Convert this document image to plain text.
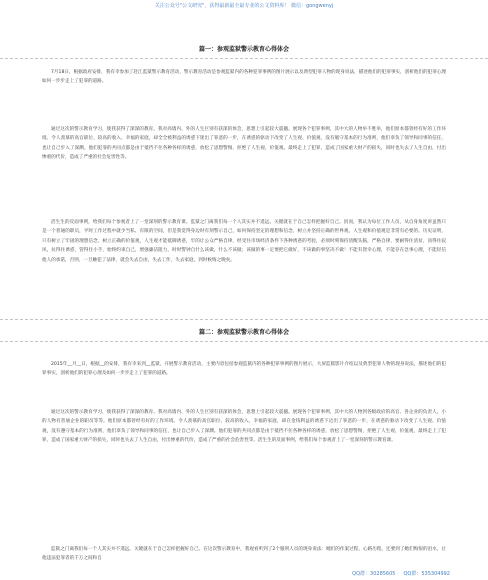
关注公众号"公文研究"，获得最新最全最专业的公文资料库！ 微信：gongwenyj
篇一：参观监狱警示教育心得体会

7月18日，根据政府安排，我有幸参加了赴江监狱警示教育活动，警示教育活动是参观监狱内的各种犯罪事例的图片展示以及典型犯罪人物的现身说法，描述他们的犯罪事实，剖析他们的犯罪心理如何一步步走上了犯罪的道路。

通过这次的警示教育学习，使我获得了深深的教育。我对高墙内、外的人生巨别有获深的体会，思想上引起较大震撼。展现各个犯罪事例，其中大的人物举不胜举，他们原本都曾经有好的工作环境、令人羡慕的高官职位、较高的收入、幸福的家庭，却全全被利益的诱惑下迷出了罪恶的一步，在诱惑的驱动下改变了人生观、价值观，没有履守基本的行为准则，他们辜负了领导和同事的信任，也让自己步入了深渊。他们犯罪的共同点都是由于抵挡不住各种各样的诱惑，放松了思想警惕，拒绝了人生观、价值观。最终走上了犯罪，造成了国家重大财产的损失，同时也失去了人生自由，付出惨重的代价，造成了严重的社会危害性等。

活生生的反面事例，给我们每个参观者上了一堂深刻的警示教育课。监狱之门离我们每一个人其实并不遥远。关键就在于自己怎样把握好自己。因而，我认为每位工作人员，从自身角度讲虽然只是一个普通的职员，平时工作过程中就少当私、有限的空间，但是我觉得身边时有刻警示自己，如何保持坚定的理想和信念，树立并坚持正确的世界观、人生观和价值观是非常有必要的。历史证明，只有树立了牢固的理想信念，树立正确的价值观，人生观才能抵御诱惑，牢的让公众严格自律，经受住市场经济条件下各种诱惑的考验，必须时刻保持清醒头脑，严格自律，要耐得住清贫，顶得住寂风，抗得住诱惑，管得住小手，始终约束自己，增强廉洁阻力，时时警钟自什么该做，什么不该做；该做的事一定要把它做好，不该做的事坚决不做！不能有侥幸心理，不能存在急事心理，不能轻信他人的承诺，否则，一旦触犯了法律，就会失去自由，失去工作，失去家庭，到时候悔之晚矣。

篇二：参观监狱警示教育心得体会

2015年__月__日，根据__的安排，我有幸来到__监狱，开展警示教育活动，主要内容包括参观监狱内的各种犯罪事例的图片展示，大屏监狱影片介绍以及典型犯罪人物的现身说法，描述他们的犯罪事实，剖析他们的犯罪心理及如何一步步走上了犯罪的道路。

通过这次的警示教育学习，使我获得了深深的教育。我对高墙内、外的人生巨别有获深的体会，思想上引起较大震撼。展现各个犯罪事例，其中大的人物到各级政府的高官、各企业的负责人，小的人物有普通企业的职员等等。他们原本都曾经有好的工作环境、令人羡慕的高官职位、较高的收入、幸福的家庭，却在金钱利益的诱惑下迈出了罪恶的一步，在诱惑的驱动下改变了人生观、价值观，没有遵守基本的行为准则，他们辜负了领导和同事的信任，也让自己步入了深渊。他们犯罪的共同点都是由于抵挡不住各种各样的诱惑，放松了思想警惕，拒绝了人生观、价值观，最终走上了犯罪，造成了国家重大财产的损失，同时也失去了人生自由，付出惨重的代价，造成了严重的社会危害性等。活生生的反面事例，给我们每个参观者上了一堂深刻的警示教育课。

监狱之门离我们每一个人其实并不遥远。关键就在于自己怎样把握好自己。在这次警示教育中，我观看听到了2个服刑人员的现身说法：她们的作案过程、心路历程、还要到了她们悔恨的泪水，让他违法犯罪者的千万之间和自

QQ群：30285605 QQ群：535304992
